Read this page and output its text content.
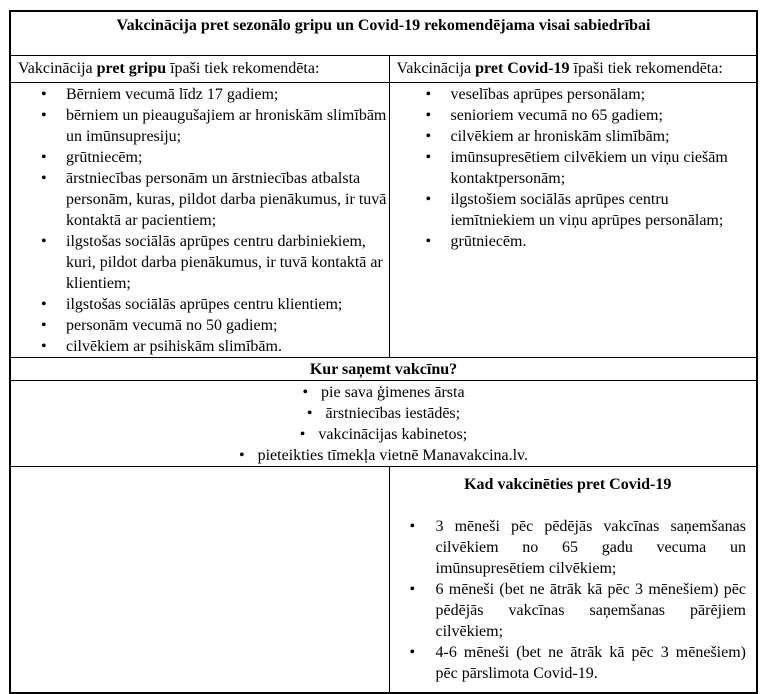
Vakcinācija pret sezonālo gripu un Covid-19 rekomendējama visai sabiedrībai	
Vakcinācija pret gripu īpaši tiek rekomendēta:	Vakcinācija pret Covid-19 īpaši tiek rekomendēta:

• Bērniem vecumā līdz 17 gadiem;
• bērniem un pieaugušajiem ar hroniskām slimībām un imūnsupresiju;
• grūtniecēm;
• ārstniecības personām un ārstniecības atbalsta personām, kuras, pildot darba pienākumus, ir tuvā kontaktā ar pacientiem;
• ilgstošas sociālās aprūpes centru darbiniekiem, kuri, pildot darba pienākumus, ir tuvā kontaktā ar klientiem;
• ilgstošas sociālās aprūpes centru klientiem;
• personām vecumā no 50 gadiem;
• cilvēkiem ar psihiskām slimībām.

• veselības aprūpes personālam;
• senioriem vecumā no 65 gadiem;
• cilvēkiem ar hroniskām slimībām;
• imūnsupresētiem cilvēkiem un viņu ciešām kontaktpersonām;
• ilgstošiem sociālās aprūpes centru iemītniekiem un viņu aprūpes personālam;
• grūtniecēm.

Kur saņemt vakcīnu?	

• pie sava ģimenes ārsta
• ārstniecības iestādēs;
• vakcinācijas kabinetos;
• pieteikties tīmekļa vietnē Manavakcina.lv.	

Kad vakcinēties pret Covid-19
• 3 mēneši pēc pēdējās vakcīnas saņemšanas cilvēkiem no 65 gadu vecuma un imūnsupresētiem cilvēkiem;
• 6 mēneši (bet ne ātrāk kā pēc 3 mēnešiem) pēc pēdējās vakcīnas saņemšanas pārējiem cilvēkiem;
• 4-6 mēneši (bet ne ātrāk kā pēc 3 mēnešiem) pēc pārslimota Covid-19.
